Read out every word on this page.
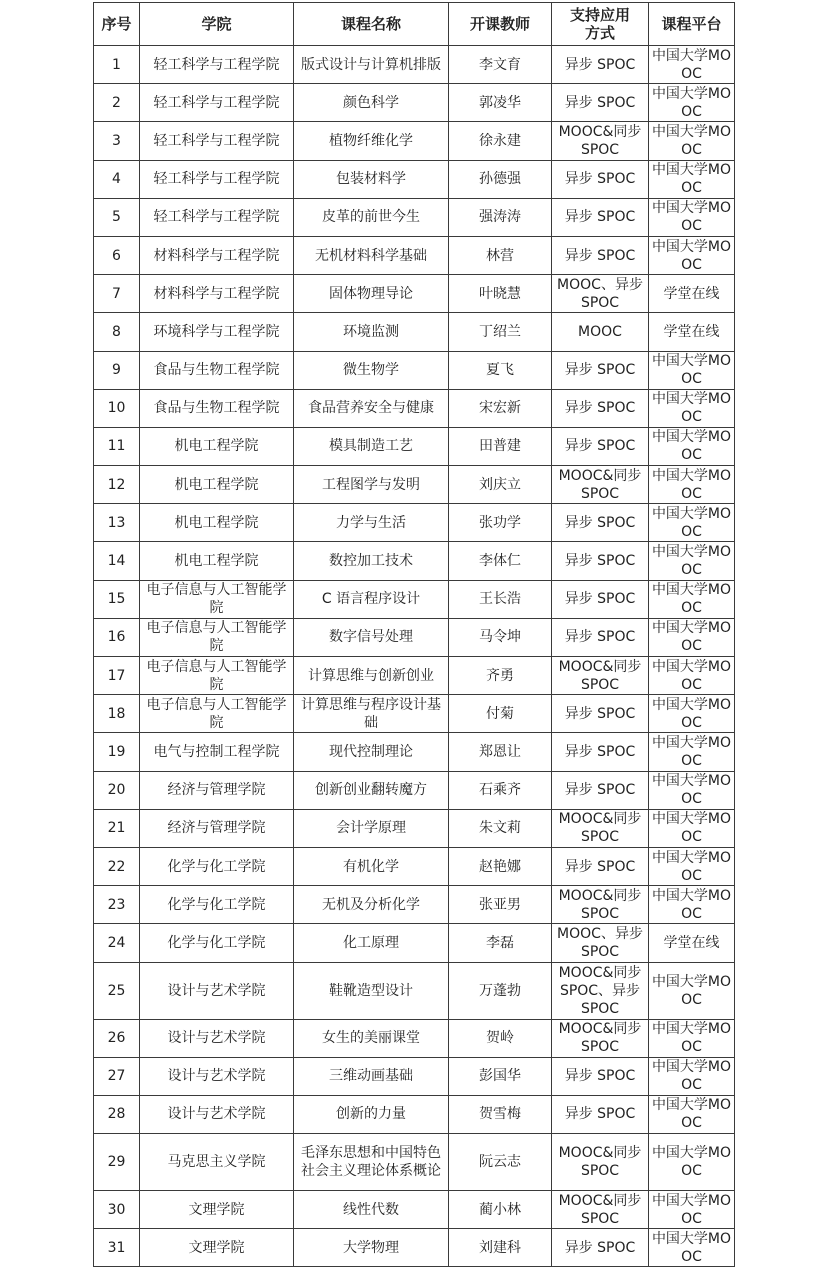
序号	学院	课程名称	开课教师	支持应用方式	课程平台
1	轻工科学与工程学院	版式设计与计算机排版	李文育	异步 SPOC	中国大学MOOC
2	轻工科学与工程学院	颜色科学	郭凌华	异步 SPOC	中国大学MOOC
3	轻工科学与工程学院	植物纤维化学	徐永建	MOOC&同步 SPOC	中国大学MOOC
4	轻工科学与工程学院	包装材料学	孙德强	异步 SPOC	中国大学MOOC
5	轻工科学与工程学院	皮革的前世今生	强涛涛	异步 SPOC	中国大学MOOC
6	材料科学与工程学院	无机材料科学基础	林营	异步 SPOC	中国大学MOOC
7	材料科学与工程学院	固体物理导论	叶晓慧	MOOC、异步 SPOC	学堂在线
8	环境科学与工程学院	环境监测	丁绍兰	MOOC	学堂在线
9	食品与生物工程学院	微生物学	夏飞	异步 SPOC	中国大学MOOC
10	食品与生物工程学院	食品营养安全与健康	宋宏新	异步 SPOC	中国大学MOOC
11	机电工程学院	模具制造工艺	田普建	异步 SPOC	中国大学MOOC
12	机电工程学院	工程图学与发明	刘庆立	MOOC&同步 SPOC	中国大学MOOC
13	机电工程学院	力学与生活	张功学	异步 SPOC	中国大学MOOC
14	机电工程学院	数控加工技术	李体仁	异步 SPOC	中国大学MOOC
15	电子信息与人工智能学院	C 语言程序设计	王长浩	异步 SPOC	中国大学MOOC
16	电子信息与人工智能学院	数字信号处理	马令坤	异步 SPOC	中国大学MOOC
17	电子信息与人工智能学院	计算思维与创新创业	齐勇	MOOC&同步 SPOC	中国大学MOOC
18	电子信息与人工智能学院	计算思维与程序设计基础	付菊	异步 SPOC	中国大学MOOC
19	电气与控制工程学院	现代控制理论	郑恩让	异步 SPOC	中国大学MOOC
20	经济与管理学院	创新创业翻转魔方	石乘齐	异步 SPOC	中国大学MOOC
21	经济与管理学院	会计学原理	朱文莉	MOOC&同步 SPOC	中国大学MOOC
22	化学与化工学院	有机化学	赵艳娜	异步 SPOC	中国大学MOOC
23	化学与化工学院	无机及分析化学	张亚男	MOOC&同步 SPOC	中国大学MOOC
24	化学与化工学院	化工原理	李磊	MOOC、异步 SPOC	学堂在线
25	设计与艺术学院	鞋靴造型设计	万蓬勃	MOOC&同步 SPOC、异步 SPOC	中国大学MOOC
26	设计与艺术学院	女生的美丽课堂	贺岭	MOOC&同步 SPOC	中国大学MOOC
27	设计与艺术学院	三维动画基础	彭国华	异步 SPOC	中国大学MOOC
28	设计与艺术学院	创新的力量	贺雪梅	异步 SPOC	中国大学MOOC
29	马克思主义学院	毛泽东思想和中国特色社会主义理论体系概论	阮云志	MOOC&同步 SPOC	中国大学MOOC
30	文理学院	线性代数	蔺小林	MOOC&同步 SPOC	中国大学MOOC
31	文理学院	大学物理	刘建科	异步 SPOC	中国大学MOOC
